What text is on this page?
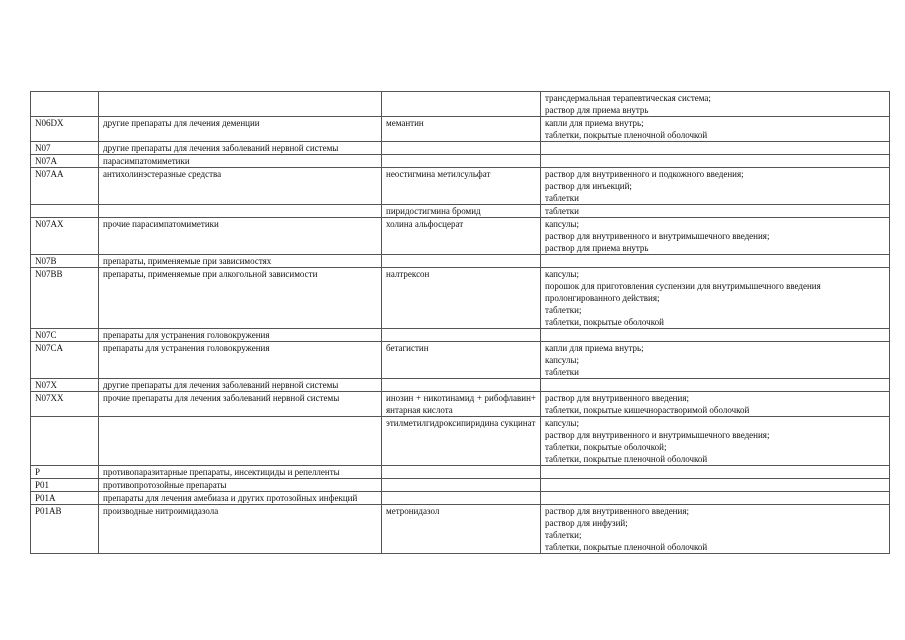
			трансдермальная терапевтическая система;
раствор для приема внутрь
N06DX	другие препараты для лечения деменции	мемантин	капли для приема внутрь;
таблетки, покрытые пленочной оболочкой
N07	другие препараты для лечения заболеваний нервной системы		
N07A	парасимпатомиметики		
N07AA	антихолинэстеразные средства	неостигмина метилсульфат	раствор для внутривенного и подкожного введения;
раствор для инъекций;
таблетки
		пиридостигмина бромид	таблетки
N07AX	прочие парасимпатомиметики	холина альфосцерат	капсулы;
раствор для внутривенного и внутримышечного введения;
раствор для приема внутрь
N07B	препараты, применяемые при зависимостях		
N07BB	препараты, применяемые при алкогольной зависимости	налтрексон	капсулы;
порошок для приготовления суспензии для внутримышечного введения пролонгированного действия;
таблетки;
таблетки, покрытые оболочкой
N07C	препараты для устранения головокружения		
N07CA	препараты для устранения головокружения	бетагистин	капли для приема внутрь;
капсулы;
таблетки
N07X	другие препараты для лечения заболеваний нервной системы		
N07XX	прочие препараты для лечения заболеваний нервной системы	инозин + никотинамид + рибофлавин+ янтарная кислота	раствор для внутривенного введения;
таблетки, покрытые кишечнорастворимой оболочкой
		этилметилгидроксипиридина сукцинат	капсулы;
раствор для внутривенного и внутримышечного введения;
таблетки, покрытые оболочкой;
таблетки, покрытые пленочной оболочкой
P	противопаразитарные препараты, инсектициды и репелленты		
P01	противопротозойные препараты		
P01A	препараты для лечения амебиаза и других протозойных инфекций		
P01AB	производные нитроимидазола	метронидазол	раствор для внутривенного введения;
раствор для инфузий;
таблетки;
таблетки, покрытые пленочной оболочкой
